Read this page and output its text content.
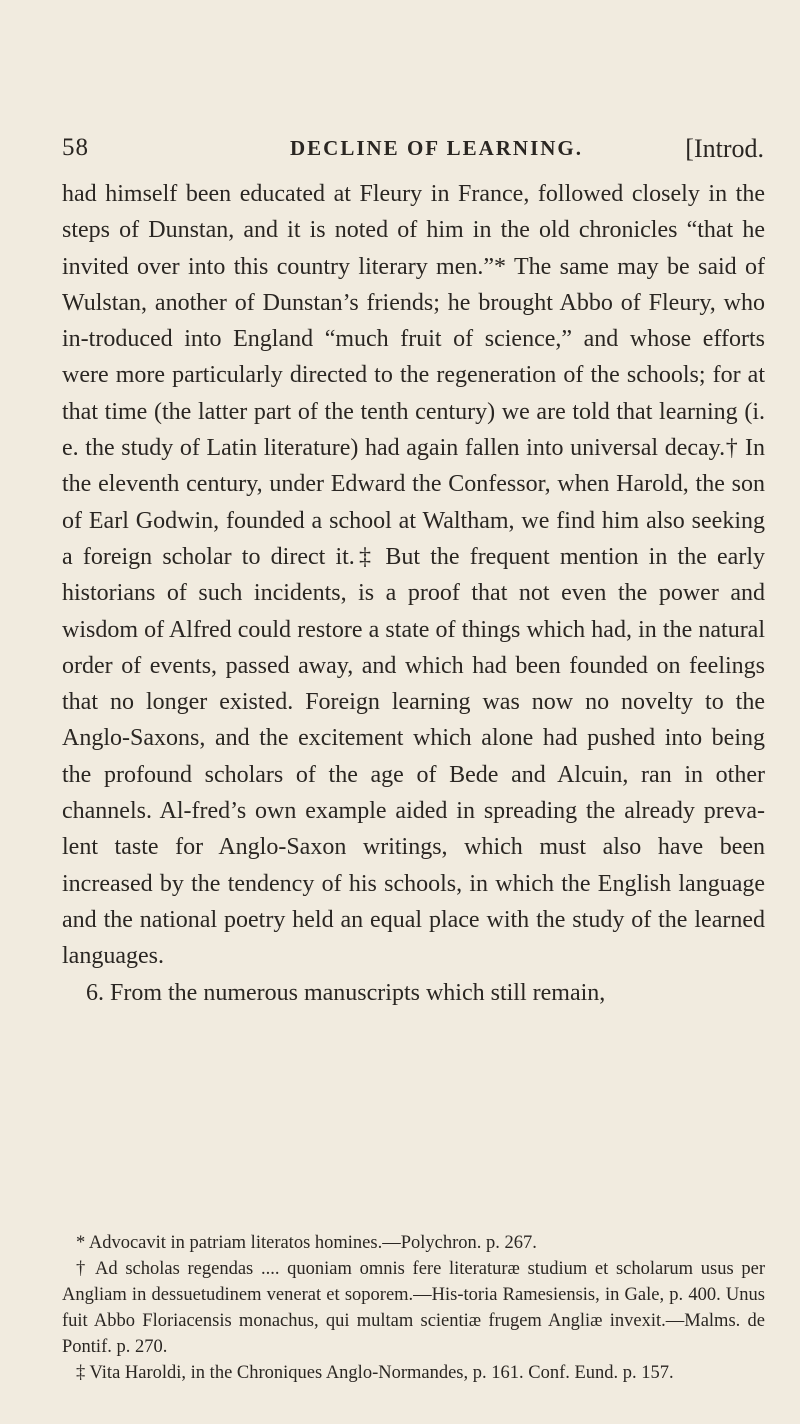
58	DECLINE OF LEARNING.	[Introd.

had himself been educated at Fleury in France, followed closely in the steps of Dunstan, and it is noted of him in the old chronicles “that he invited over into this country literary men.”* The same may be said of Wulstan, another of Dunstan’s friends; he brought Abbo of Fleury, who in-troduced into England “much fruit of science,” and whose efforts were more particularly directed to the regeneration of the schools; for at that time (the latter part of the tenth century) we are told that learning (i. e. the study of Latin literature) had again fallen into universal decay.† In the eleventh century, under Edward the Confessor, when Harold, the son of Earl Godwin, founded a school at Waltham, we find him also seeking a foreign scholar to direct it.‡ But the frequent mention in the early historians of such incidents, is a proof that not even the power and wisdom of Alfred could restore a state of things which had, in the natural order of events, passed away, and which had been founded on feelings that no longer existed. Foreign learning was now no novelty to the Anglo-Saxons, and the excitement which alone had pushed into being the profound scholars of the age of Bede and Alcuin, ran in other channels. Al-fred’s own example aided in spreading the already preva-lent taste for Anglo-Saxon writings, which must also have been increased by the tendency of his schools, in which the English language and the national poetry held an equal place with the study of the learned languages.

6. From the numerous manuscripts which still remain,

* Advocavit in patriam literatos homines.—Polychron. p. 267.

† Ad scholas regendas .... quoniam omnis fere literaturæ studium et scholarum usus per Angliam in dessuetudinem venerat et soporem.—His-toria Ramesiensis, in Gale, p. 400. Unus fuit Abbo Floriacensis monachus, qui multam scientiæ frugem Angliæ invexit.—Malms. de Pontif. p. 270.

‡ Vita Haroldi, in the Chroniques Anglo-Normandes, p. 161. Conf. Eund. p. 157.
